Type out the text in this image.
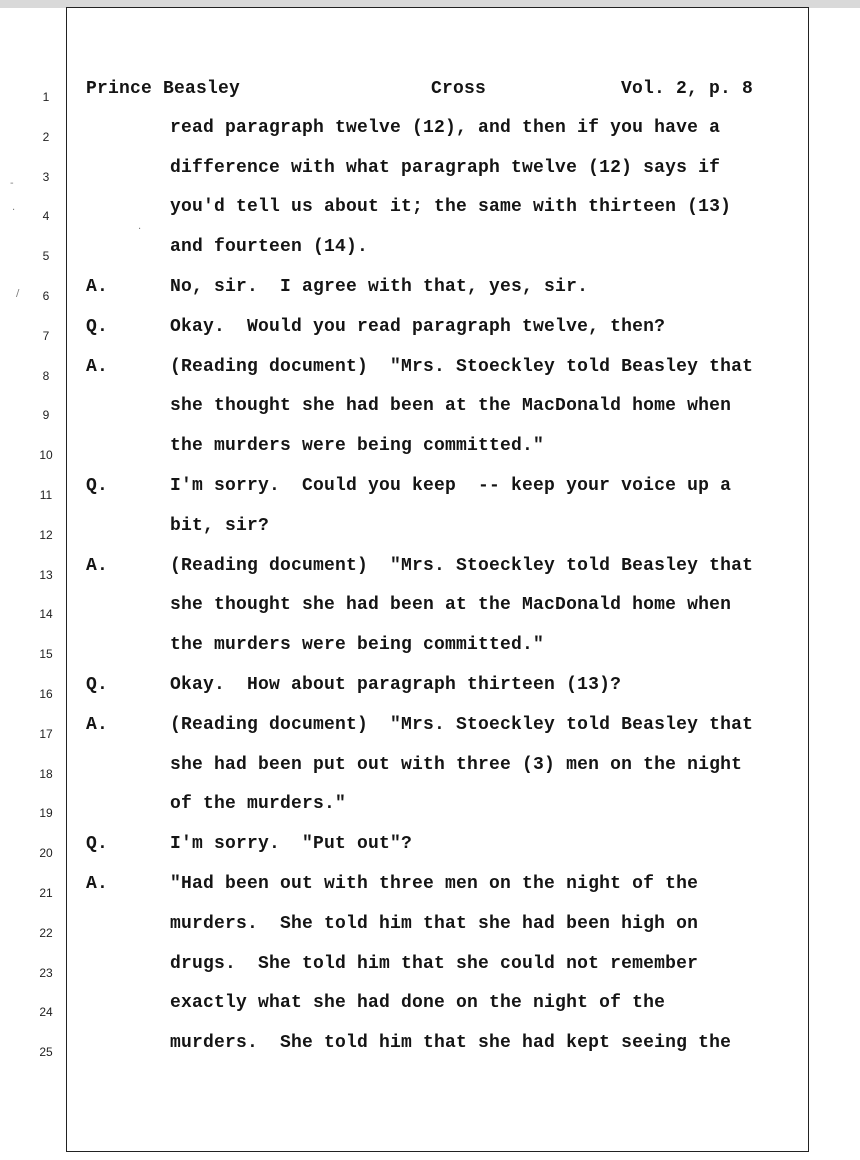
Prince Beasley	Cross	Vol. 2, p. 8
1
2	read paragraph twelve (12), and then if you have a
3	difference with what paragraph twelve (12) says if
4	you'd tell us about it; the same with thirteen (13)
5	and fourteen (14).
6	A.	No, sir.  I agree with that, yes, sir.
7	Q.	Okay.  Would you read paragraph twelve, then?
8	A.	(Reading document)  "Mrs. Stoeckley told Beasley that
9	she thought she had been at the MacDonald home when
10	the murders were being committed."
11	Q.	I'm sorry.  Could you keep  -- keep your voice up a
12	bit, sir?
13	A.	(Reading document)  "Mrs. Stoeckley told Beasley that
14	she thought she had been at the MacDonald home when
15	the murders were being committed."
16	Q.	Okay.  How about paragraph thirteen (13)?
17	A.	(Reading document)  "Mrs. Stoeckley told Beasley that
18	she had been put out with three (3) men on the night
19	of the murders."
20	Q.	I'm sorry.  "Put out"?
21	A.	"Had been out with three men on the night of the
22	murders.  She told him that she had been high on
23	drugs.  She told him that she could not remember
24	exactly what she had done on the night of the
25	murders.  She told him that she had kept seeing the
-
·
/
·
